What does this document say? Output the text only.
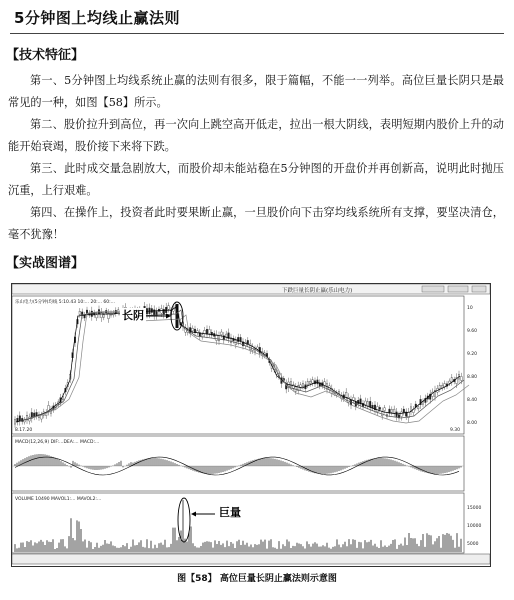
5分钟图上均线止赢法则
【技术特征】
第一、5分钟图上均线系统止赢的法则有很多，限于篇幅，不能一一列举。高位巨量长阴只是最常见的一种，如图【58】所示。
第二、股价拉升到高位，再一次向上跳空高开低走，拉出一根大阴线，表明短期内股价上升的动能开始衰竭，股价接下来将下跌。
第三、此时成交量急剧放大，而股价却未能站稳在5分钟图的开盘价并再创新高，说明此时抛压沉重，上行艰难。
第四、在操作上，投资者此时要果断止赢，一旦股价向下击穿均线系统所有支撑，要坚决清仓，毫不犹豫！
【实战图谱】
下跌巨量长阴止赢(乐山电力)
乐山电力(5分钟)均线 5:10.43 10:... 20:... 60:...
MACD(12,26,9) DIF:...DEA:... MACD:...
VOLUME 10490 MAVOL1:... MAVOL2:...
10
9.60
9.20
8.80
8.40
8.00
15000
10000
5000
8.17.20	9.30
长阴
巨量
图【58】 高位巨量长阴止赢法则示意图
